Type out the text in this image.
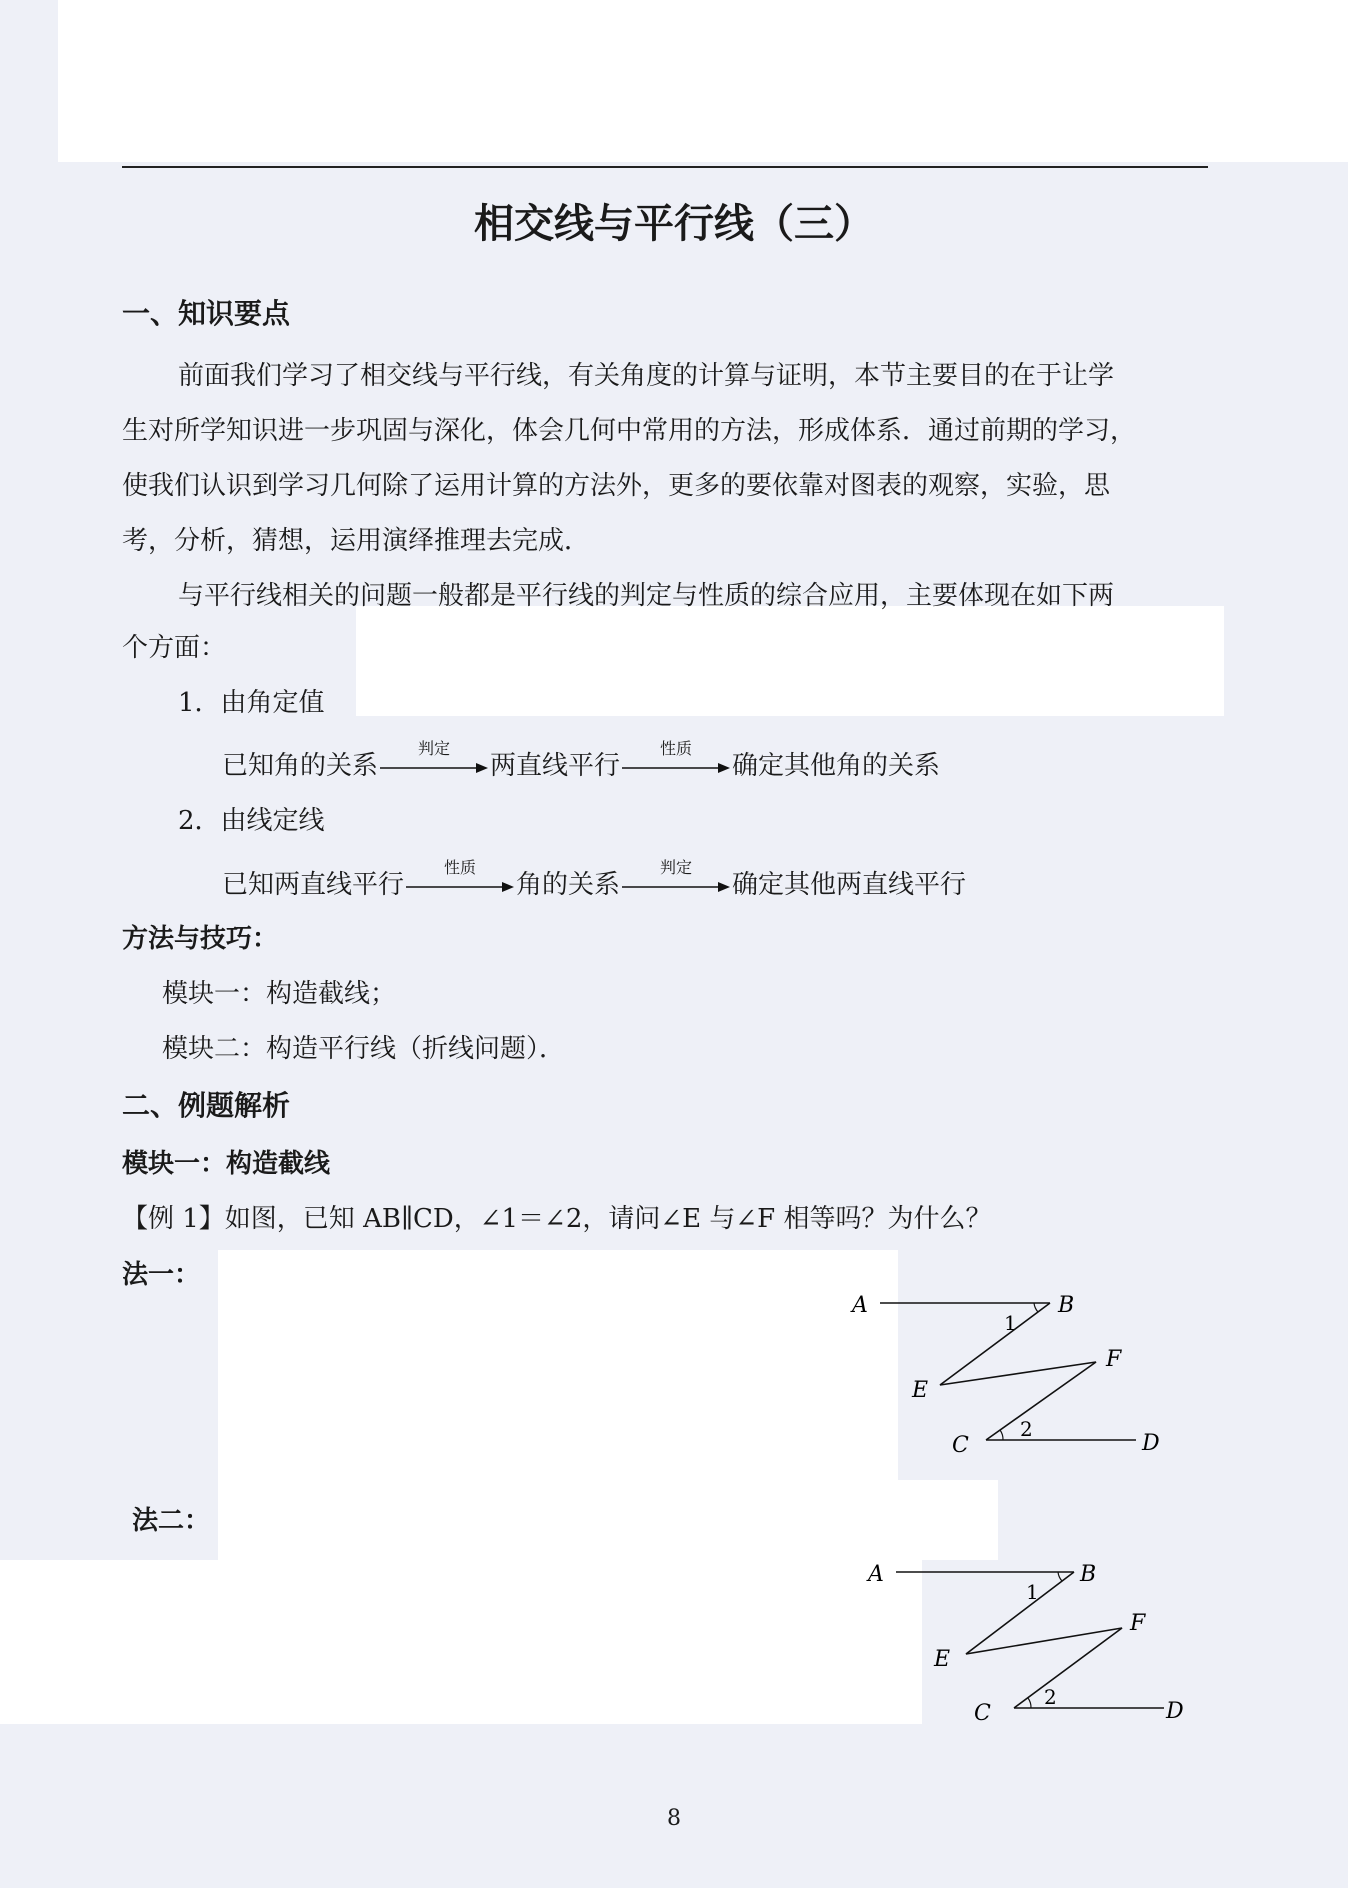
相交线与平行线（三）
一、知识要点
前面我们学习了相交线与平行线，有关角度的计算与证明，本节主要目的在于让学
生对所学知识进一步巩固与深化，体会几何中常用的方法，形成体系．通过前期的学习，
使我们认识到学习几何除了运用计算的方法外，更多的要依靠对图表的观察，实验，思
考，分析，猜想，运用演绎推理去完成．
与平行线相关的问题一般都是平行线的判定与性质的综合应用，主要体现在如下两
个方面：
1．由角定值
已知角的关系
判定
两直线平行
性质
确定其他角的关系
2．由线定线
已知两直线平行
性质
角的关系
判定
确定其他两直线平行
方法与技巧：
模块一：构造截线；
模块二：构造平行线（折线问题）．
二、例题解析
模块一：构造截线
【例 1】如图，已知 AB∥CD，∠1＝∠2，请问∠E 与∠F 相等吗？为什么？
法一：
法二：
A	B
1
E
F
C
2
D
A	B
1
E
F
C
2
D
8
